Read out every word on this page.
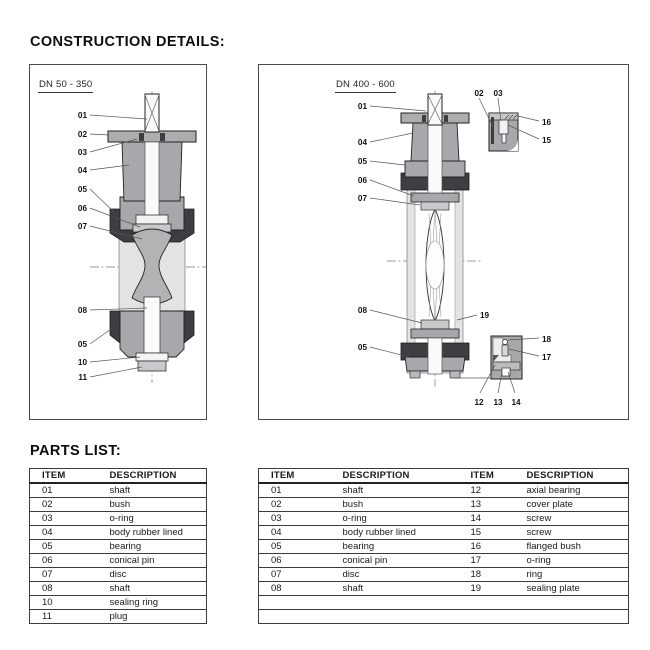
CONSTRUCTION DETAILS:
DN 50 - 350
01
02
03
04
05
06
07
08
05
10
11
DN 400 - 600
02 03
16
15
18
17
12 13 14
01
04
05
06
07
08
05
19
PARTS LIST:
ITEM	DESCRIPTION
01	shaft
02	bush
03	o-ring
04	body rubber lined
05	bearing
06	conical pin
07	disc
08	shaft
10	sealing ring
11	plug
ITEM	DESCRIPTION	ITEM	DESCRIPTION
01	shaft	12	axial bearing
02	bush	13	cover plate
03	o-ring	14	screw
04	body rubber lined	15	screw
05	bearing	16	flanged bush
06	conical pin	17	o-ring
07	disc	18	ring
08	shaft	19	sealing plate
